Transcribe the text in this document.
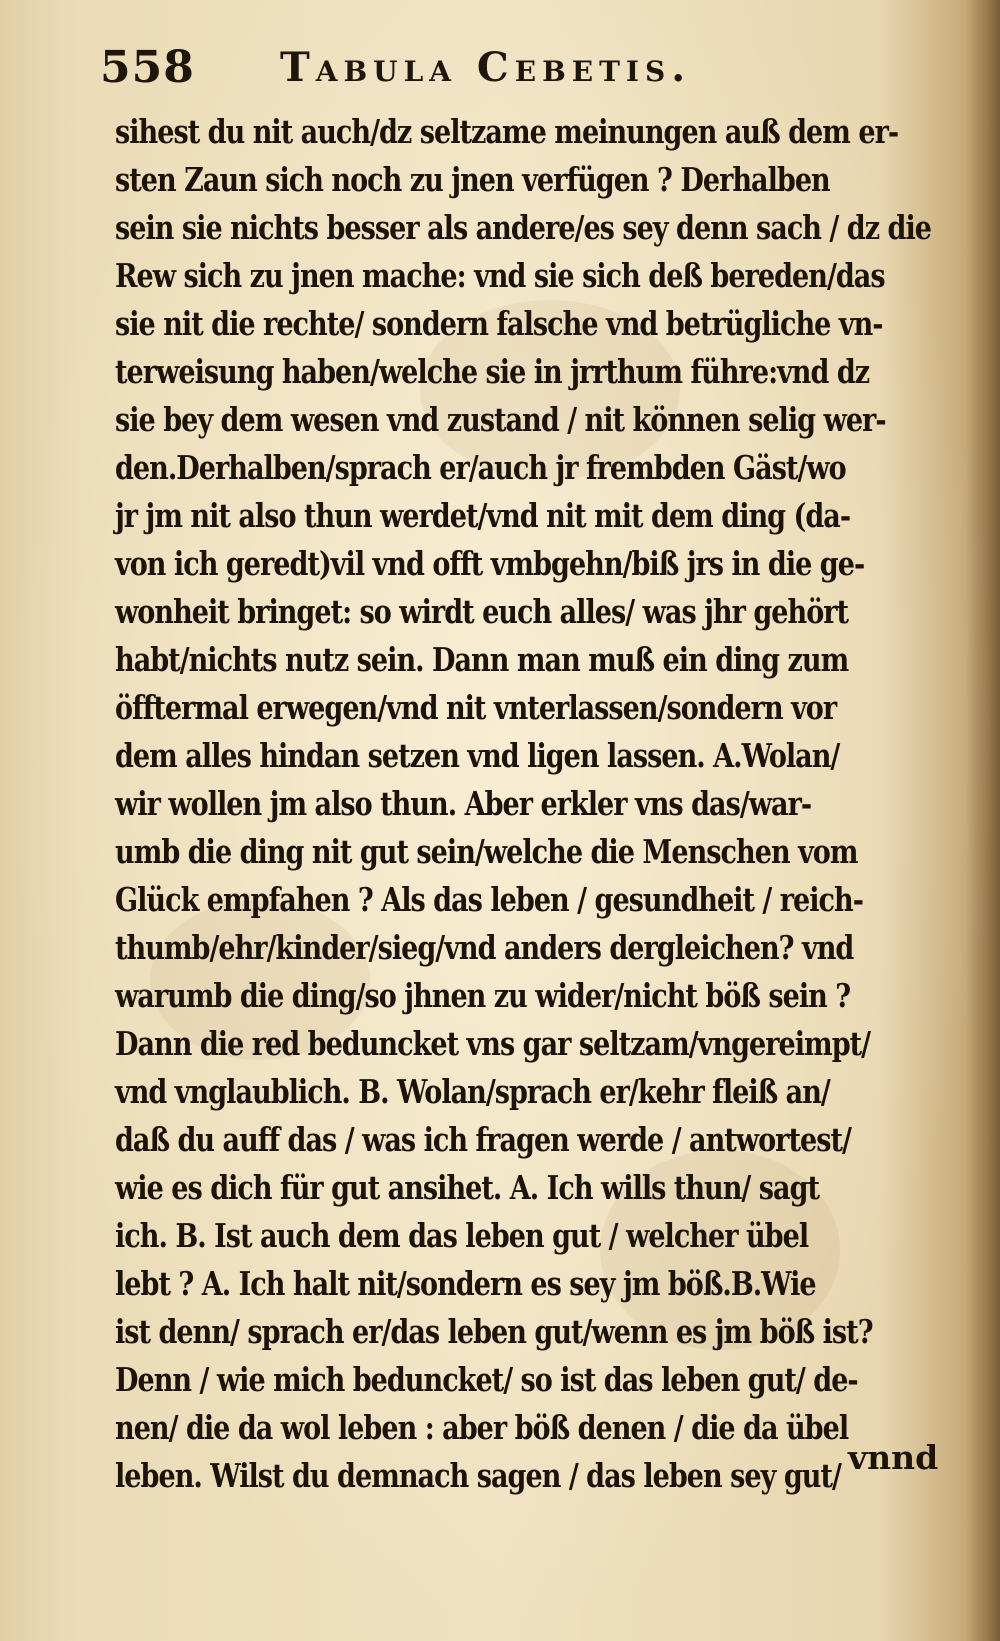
558 Tabula Cebetis.
sihest du nit auch/dz seltzame meinungen auß dem er-
sten Zaun sich noch zu jnen verfügen ? Derhalben
sein sie nichts besser als andere/es sey denn sach / dz die
Rew sich zu jnen mache: vnd sie sich deß bereden/das
sie nit die rechte/ sondern falsche vnd betrügliche vn-
terweisung haben/welche sie in jrrthum führe:vnd dz
sie bey dem wesen vnd zustand / nit können selig wer-
den.Derhalben/sprach er/auch jr frembden Gäst/wo
jr jm nit also thun werdet/vnd nit mit dem ding (da-
von ich geredt)vil vnd offt vmbgehn/biß jrs in die ge-
wonheit bringet: so wirdt euch alles/ was jhr gehört
habt/nichts nutz sein. Dann man muß ein ding zum
öfftermal erwegen/vnd nit vnterlassen/sondern vor
dem alles hindan setzen vnd ligen lassen. A.Wolan/
wir wollen jm also thun. Aber erkler vns das/war-
umb die ding nit gut sein/welche die Menschen vom
Glück empfahen ? Als das leben / gesundheit / reich-
thumb/ehr/kinder/sieg/vnd anders dergleichen? vnd
warumb die ding/so jhnen zu wider/nicht böß sein ?
Dann die red beduncket vns gar seltzam/vngereimpt/
vnd vnglaublich. B. Wolan/sprach er/kehr fleiß an/
daß du auff das / was ich fragen werde / antwortest/
wie es dich für gut ansihet. A. Ich wills thun/ sagt
ich. B. Ist auch dem das leben gut / welcher übel
lebt ? A. Ich halt nit/sondern es sey jm böß.B.Wie
ist denn/ sprach er/das leben gut/wenn es jm böß ist?
Denn / wie mich beduncket/ so ist das leben gut/ de-
nen/ die da wol leben : aber böß denen / die da übel
leben. Wilst du demnach sagen / das leben sey gut/ vnnd
